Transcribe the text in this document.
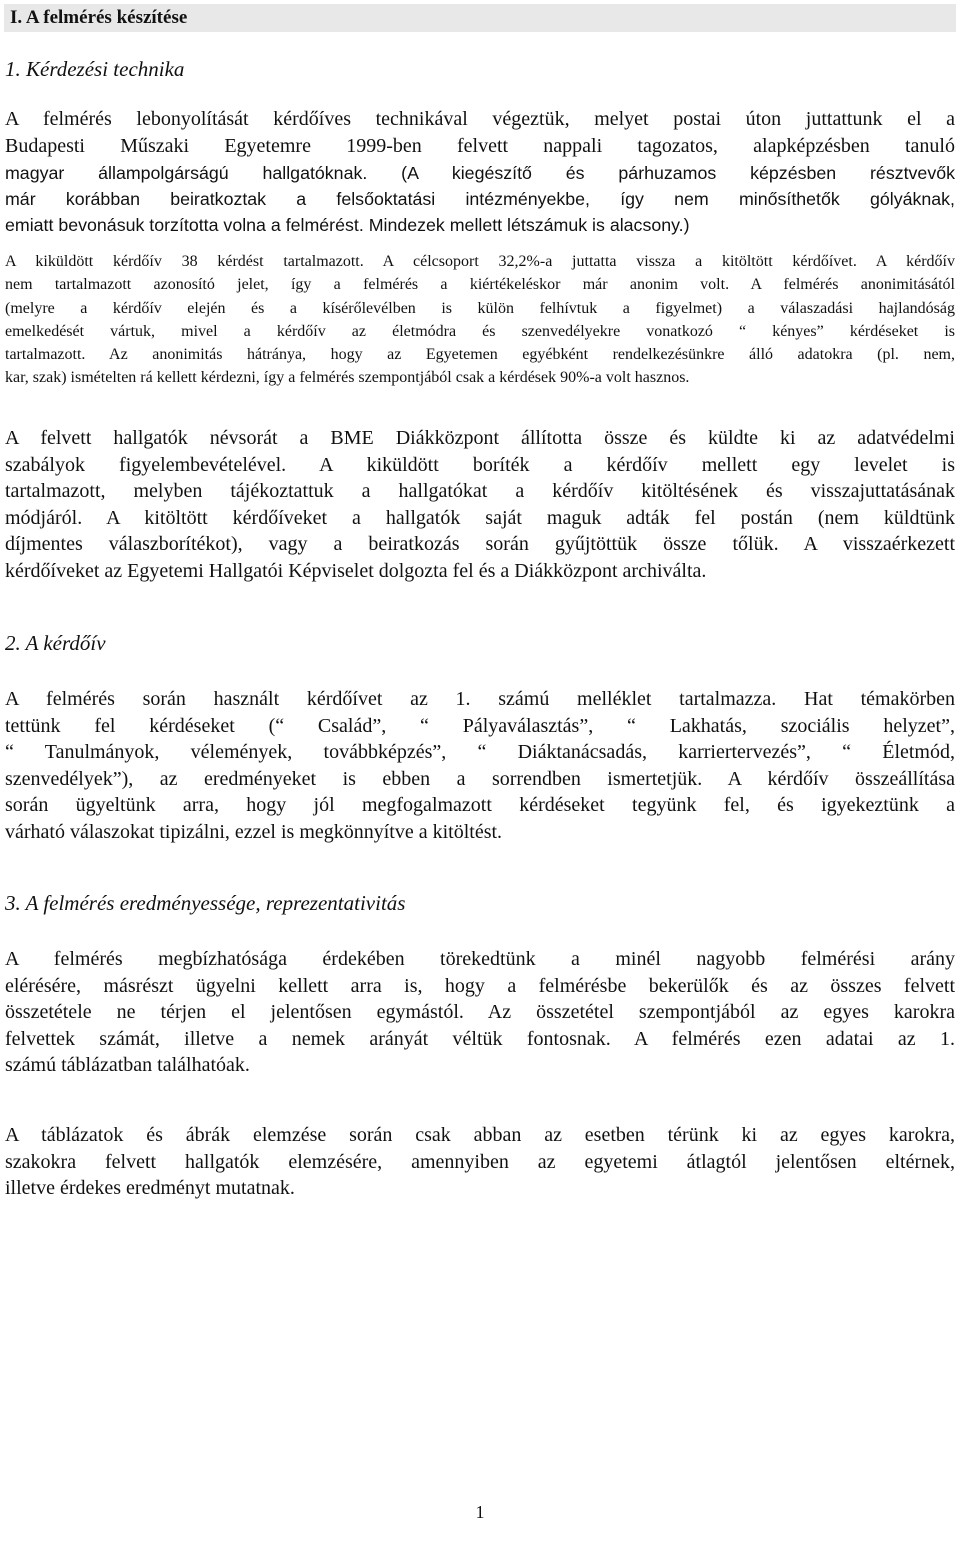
I. A felmérés készítése
1. Kérdezési technika
A felmérés lebonyolítását kérdőíves technikával végeztük, melyet postai úton juttattunk el a
Budapesti Műszaki Egyetemre 1999-ben felvett nappali tagozatos, alapképzésben tanuló
magyar állampolgárságú hallgatóknak. (A kiegészítő és párhuzamos képzésben résztvevők
már korábban beiratkoztak a felsőoktatási intézményekbe, így nem minősíthetők gólyáknak,
emiatt bevonásuk torzította volna a felmérést. Mindezek mellett létszámuk is alacsony.)
A kiküldött kérdőív 38 kérdést tartalmazott. A célcsoport 32,2%-a juttatta vissza a kitöltött kérdőívet. A kérdőív
nem tartalmazott azonosító jelet, így a felmérés a kiértékeléskor már anonim volt. A felmérés anonimitásától
(melyre a kérdőív elején és a kísérőlevélben is külön felhívtuk a figyelmet) a válaszadási hajlandóság
emelkedését vártuk, mivel a kérdőív az életmódra és szenvedélyekre vonatkozó “ kényes” kérdéseket is
tartalmazott. Az anonimitás hátránya, hogy az Egyetemen egyébként rendelkezésünkre álló adatokra (pl. nem,
kar, szak) ismételten rá kellett kérdezni, így a felmérés szempontjából csak a kérdések 90%-a volt hasznos.
A felvett hallgatók névsorát a BME Diákközpont állította össze és küldte ki az adatvédelmi
szabályok figyelembevételével. A kiküldött boríték a kérdőív mellett egy levelet is
tartalmazott, melyben tájékoztattuk a hallgatókat a kérdőív kitöltésének és visszajuttatásának
módjáról. A kitöltött kérdőíveket a hallgatók saját maguk adták fel postán (nem küldtünk
díjmentes válaszborítékot), vagy a beiratkozás során gyűjtöttük össze tőlük. A visszaérkezett
kérdőíveket az Egyetemi Hallgatói Képviselet dolgozta fel és a Diákközpont archiválta.
2. A kérdőív
A felmérés során használt kérdőívet az 1. számú melléklet tartalmazza. Hat témakörben
tettünk fel kérdéseket (“ Család”, “ Pályaválasztás”, “ Lakhatás, szociális helyzet”,
“ Tanulmányok, vélemények, továbbképzés”, “ Diáktanácsadás, karriertervezés”, “ Életmód,
szenvedélyek”), az eredményeket is ebben a sorrendben ismertetjük. A kérdőív összeállítása
során ügyeltünk arra, hogy jól megfogalmazott kérdéseket tegyünk fel, és igyekeztünk a
várható válaszokat tipizálni, ezzel is megkönnyítve a kitöltést.
3. A felmérés eredményessége, reprezentativitás
A felmérés megbízhatósága érdekében törekedtünk a minél nagyobb felmérési arány
elérésére, másrészt ügyelni kellett arra is, hogy a felmérésbe bekerülők és az összes felvett
összetétele ne térjen el jelentősen egymástól. Az összetétel szempontjából az egyes karokra
felvettek számát, illetve a nemek arányát véltük fontosnak. A felmérés ezen adatai az 1.
számú táblázatban találhatóak.
A táblázatok és ábrák elemzése során csak abban az esetben térünk ki az egyes karokra,
szakokra felvett hallgatók elemzésére, amennyiben az egyetemi átlagtól jelentősen eltérnek,
illetve érdekes eredményt mutatnak.
1
